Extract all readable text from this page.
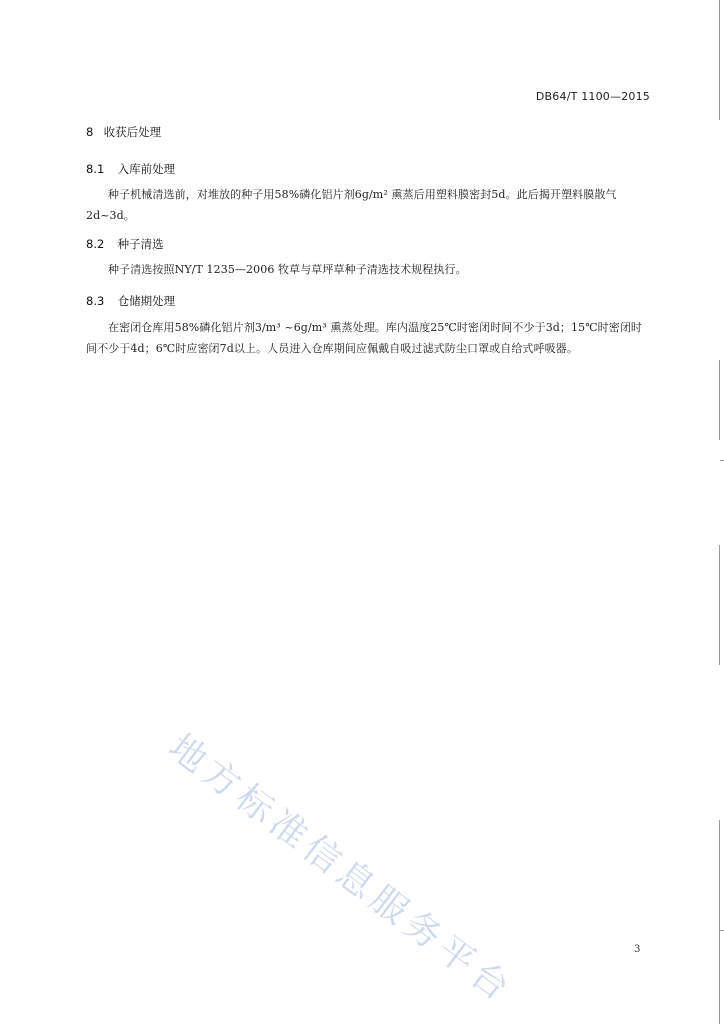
DB64/T 1100—2015
8 收获后处理
8.1 入库前处理
种子机械清选前，对堆放的种子用58%磷化铝片剂6g/m² 熏蒸后用塑料膜密封5d。此后揭开塑料膜散气2d~3d。
8.2 种子清选
种子清选按照NY/T 1235—2006 牧草与草坪草种子清选技术规程执行。
8.3 仓储期处理
在密闭仓库用58%磷化铝片剂3/m³ ~6g/m³ 熏蒸处理。库内温度25℃时密闭时间不少于3d；15℃时密闭时间不少于4d；6℃时应密闭7d以上。人员进入仓库期间应佩戴自吸过滤式防尘口罩或自给式呼吸器。
地方标准信息服务平台	3
